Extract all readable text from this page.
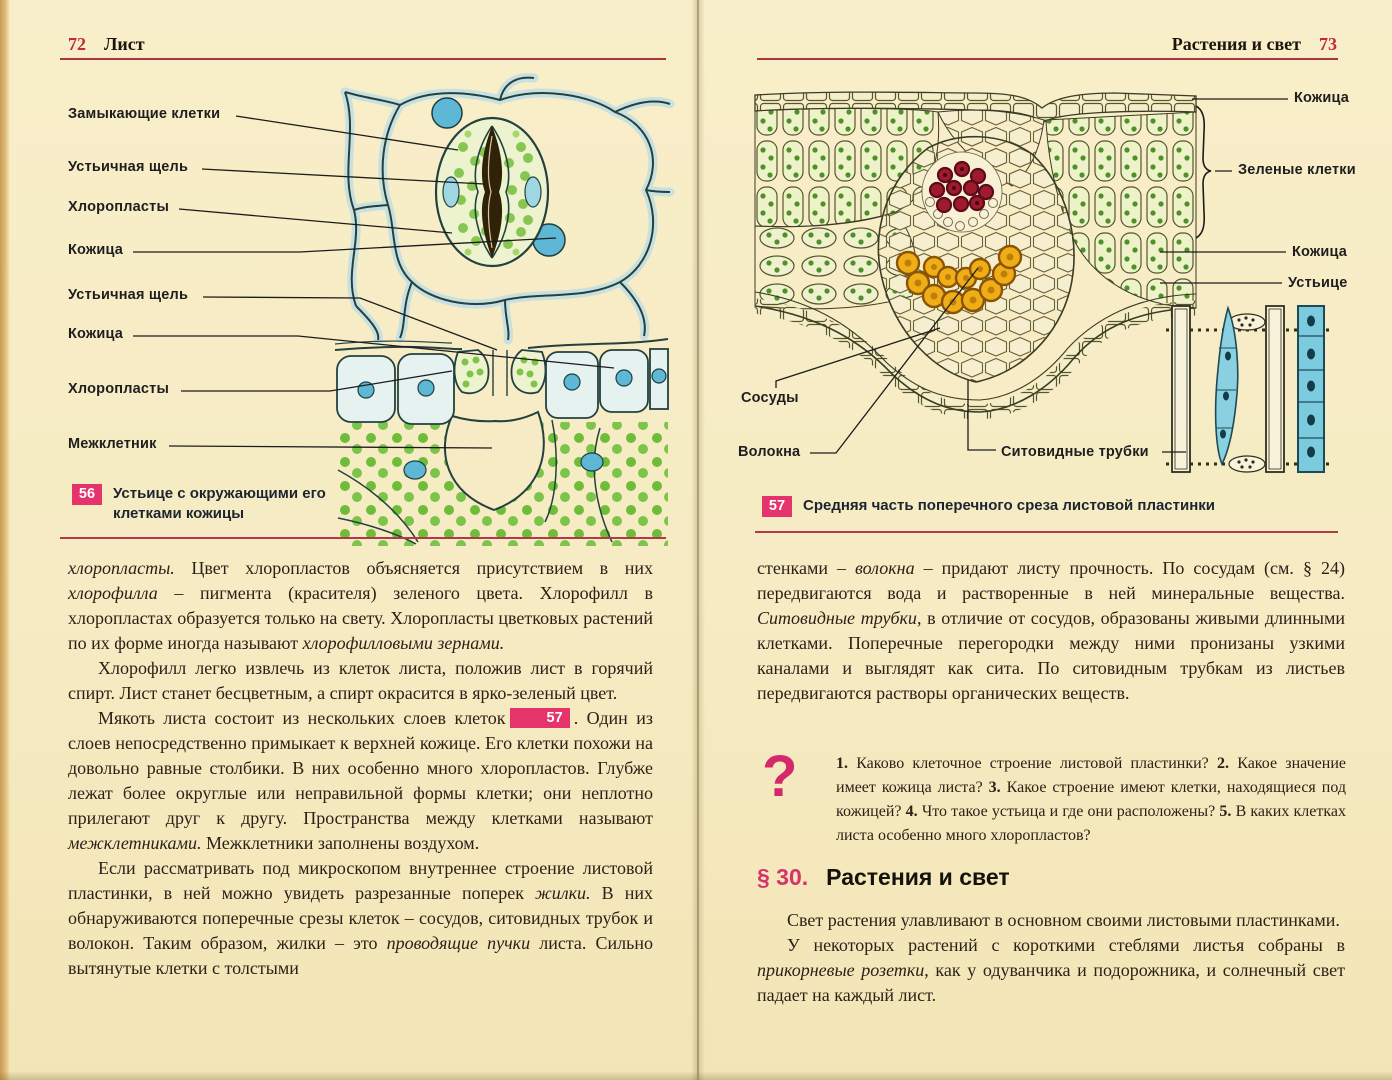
72 Лист
Замыкающие клетки
Устьичная щель
Хлоропласты
Кожица
Устьичная щель
Кожица
Хлоропласты
Межклетник
56	Устьице с окружающими его клетками кожицы

хлоропласты. Цвет хлоропластов объясняется присутствием в них хлорофилла – пигмента (красителя) зеленого цвета. Хлорофилл в хлоропластах образуется только на свету. Хлоропласты цветковых растений по их форме иногда называют хлорофилловыми зернами.

Хлорофилл легко извлечь из клеток листа, положив лист в горячий спирт. Лист станет бесцветным, а спирт окрасится в ярко-зеленый цвет.

Мякоть листа состоит из нескольких слоев клеток	57 . Один из слоев непосредственно примыкает к верхней кожице. Его клетки похожи на довольно равные столбики. В них особенно много хлоропластов. Глубже лежат более округлые или неправильной формы клетки; они неплотно прилегают друг к другу. Пространства между клетками называют межклетниками. Межклетники заполнены воздухом.

Если рассматривать под микроскопом внутреннее строение листовой пластинки, в ней можно увидеть разрезанные поперек жилки. В них обнаруживаются поперечные срезы клеток – сосудов, ситовидных трубок и волокон. Таким образом, жилки – это проводящие пучки листа. Сильно вытянутые клетки с толстыми

Растения и свет 73
Кожица
Зеленые клетки
Кожица
Устьице
Сосуды
Волокна	Ситовидные трубки
57	Средняя часть поперечного среза листовой пластинки

стенками – волокна – придают листу прочность. По сосудам (см. § 24) передвигаются вода и растворенные в ней минеральные вещества. Ситовидные трубки, в отличие от сосудов, образованы живыми длинными клетками. Поперечные перегородки между ними пронизаны узкими каналами и выглядят как сита. По ситовидным трубкам из листьев передвигаются растворы органических веществ.

? 1. Каково клеточное строение листовой пластинки? 2. Какое значение имеет кожица листа? 3. Какое строение имеют клетки, находящиеся под кожицей? 4. Что такое устьица и где они расположены? 5. В каких клетках листа особенно много хлоропластов?
§ 30. Растения и свет

Свет растения улавливают в основном своими листовыми пластинками.

У некоторых растений с короткими стеблями листья собраны в прикорневые розетки, как у одуванчика и подорожника, и солнечный свет падает на каждый лист.
